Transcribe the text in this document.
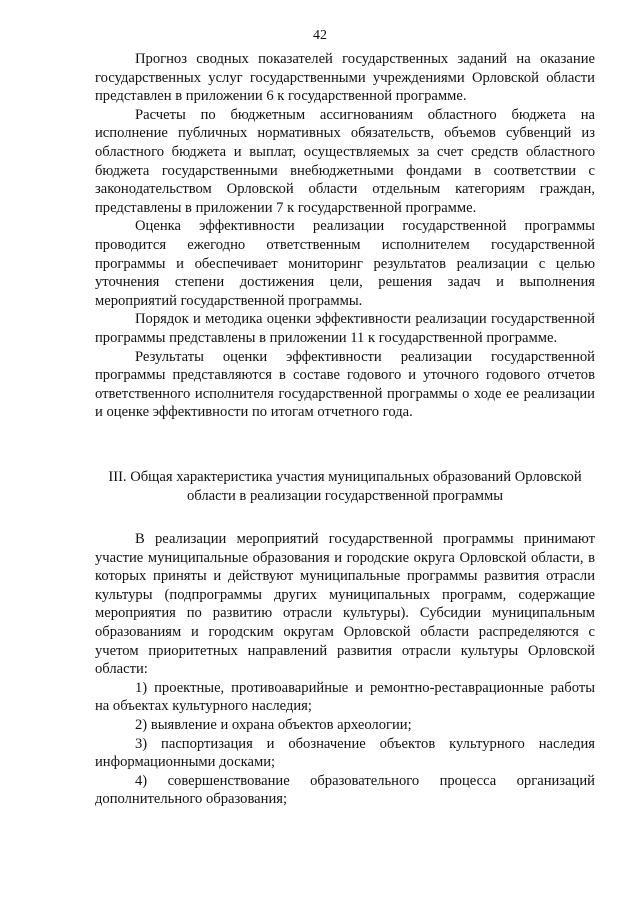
42

Прогноз сводных показателей государственных заданий на оказание государственных услуг государственными учреждениями Орловской области представлен в приложении 6 к государственной программе.

Расчеты по бюджетным ассигнованиям областного бюджета на исполнение публичных нормативных обязательств, объемов субвенций из областного бюджета и выплат, осуществляемых за счет средств областного бюджета государственными внебюджетными фондами в соответствии с законодательством Орловской области отдельным категориям граждан, представлены в приложении 7 к государственной программе.

Оценка эффективности реализации государственной программы проводится ежегодно ответственным исполнителем государственной программы и обеспечивает мониторинг результатов реализации с целью уточнения степени достижения цели, решения задач и выполнения мероприятий государственной программы.

Порядок и методика оценки эффективности реализации государственной программы представлены в приложении 11 к государственной программе.

Результаты оценки эффективности реализации государственной программы представляются в составе годового и уточного годового отчетов ответственного исполнителя государственной программы о ходе ее реализации и оценке эффективности по итогам отчетного года.

III. Общая характеристика участия муниципальных образований Орловской области в реализации государственной программы

В реализации мероприятий государственной программы принимают участие муниципальные образования и городские округа Орловской области, в которых приняты и действуют муниципальные программы развития отрасли культуры (подпрограммы других муниципальных программ, содержащие мероприятия по развитию отрасли культуры). Субсидии муниципальным образованиям и городским округам Орловской области распределяются с учетом приоритетных направлений развития отрасли культуры Орловской области:

1) проектные, противоаварийные и ремонтно-реставрационные работы на объектах культурного наследия;
2) выявление и охрана объектов археологии;
3) паспортизация и обозначение объектов культурного наследия информационными досками;
4) совершенствование образовательного процесса организаций дополнительного образования;
